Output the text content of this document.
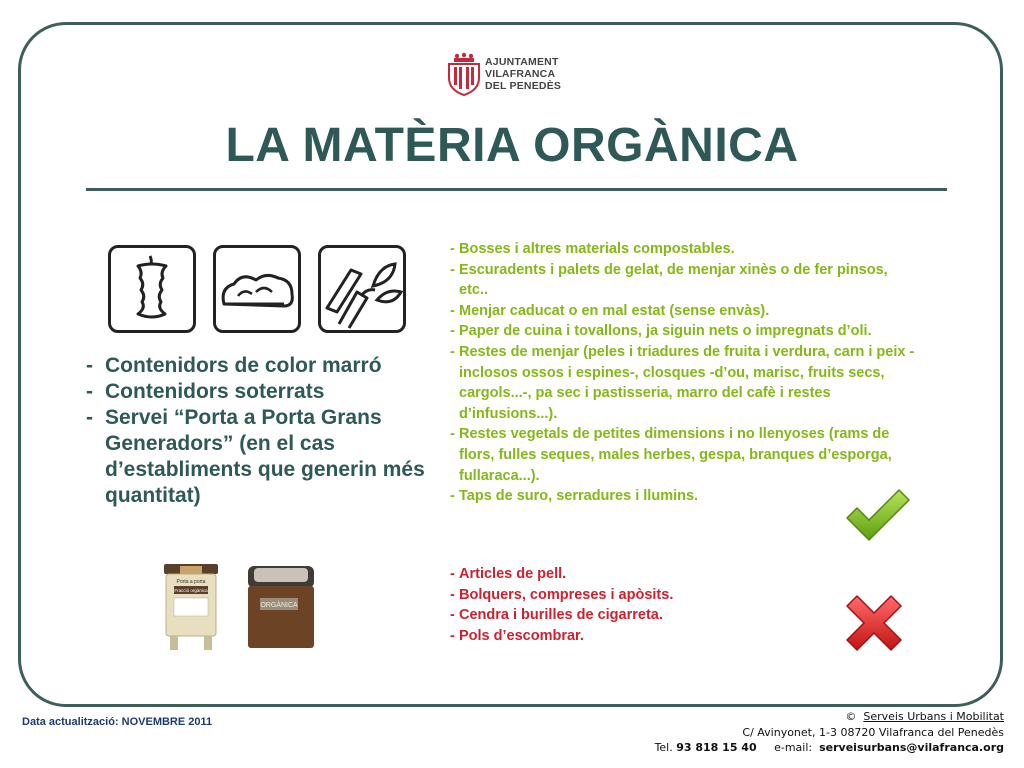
AJUNTAMENT
VILAFRANCA
DEL PENEDÈS
LA MATÈRIA ORGÀNICA
- Contenidors de color marró
- Contenidors soterrats
- Servei “Porta a Porta Grans Generadors” (en el cas d’establiments que generin més quantitat)
Porta a porta
Fracció orgànica
ORGÀNICA
- Bosses i altres materials compostables.
- Escuradents i palets de gelat, de menjar xinès o de fer pinsos, etc..
- Menjar caducat o en mal estat (sense envàs).
- Paper de cuina i tovallons, ja siguin nets o impregnats d’oli.
- Restes de menjar (peles i triadures de fruita i verdura, carn i peix -inclosos ossos i espines-, closques -d’ou, marisc, fruits secs, cargols...-, pa sec i pastisseria, marro del cafè i restes d’infusions...).
- Restes vegetals de petites dimensions i no llenyoses (rams de flors, fulles seques, males herbes, gespa, branques d’esporga, fullaraca...).
- Taps de suro, serradures i llumins.
- Articles de pell.
- Bolquers, compreses i apòsits.
- Cendra i burilles de cigarreta.
- Pols d’escombrar.
Data actualització: NOVEMBRE 2011	© Serveis Urbans i Mobilitat
C/ Avinyonet, 1-3 08720 Vilafranca del Penedès
Tel. 93 818 15 40 e-mail: serveisurbans@vilafranca.org
